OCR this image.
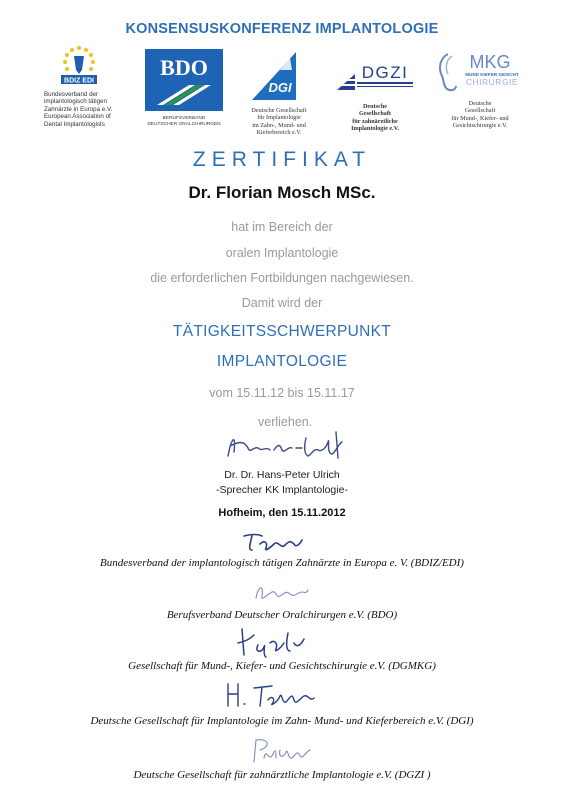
KONSENSUSKONFERENZ IMPLANTOLOGIE
BDIZ EDI
Bundesverband der
implantologisch tätigen
Zahnärzte in Europa e.V.
European Association of
Dental Implantologists
BDO
BERUFSVERBAND
DEUTSCHER ORALCHIRURGEN
DGI
Deutsche Gesellschaft
für Implantologie
im Zahn-, Mund- und
Kieferbereich e.V.
DGZI
Deutsche
Gesellschaft
für zahnärztliche
Implantologie e.V.
MKG
MUND KIEFER GESICHT
CHIRURGIE
Deutsche
Gesellschaft
für Mund-, Kiefer- und
Gesichtschirurgie e.V.
ZERTIFIKAT
Dr. Florian Mosch MSc.
hat im Bereich der
oralen Implantologie
die erforderlichen Fortbildungen nachgewiesen.
Damit wird der
TÄTIGKEITSSCHWERPUNKT
IMPLANTOLOGIE
vom 15.11.12 bis 15.11.17
verliehen.
Dr. Dr. Hans-Peter Ulrich
-Sprecher KK Implantologie-
Hofheim, den 15.11.2012
Bundesverband der implantologisch tätigen Zahnärzte in Europa e. V. (BDIZ/EDI)
Berufsverband Deutscher Oralchirurgen e.V. (BDO)
Gesellschaft für Mund-, Kiefer- und Gesichtschirurgie e.V. (DGMKG)
Deutsche Gesellschaft für Implantologie im Zahn- Mund- und Kieferbereich e.V. (DGI)
Deutsche Gesellschaft für zahnärztliche Implantologie e.V. (DGZI )
